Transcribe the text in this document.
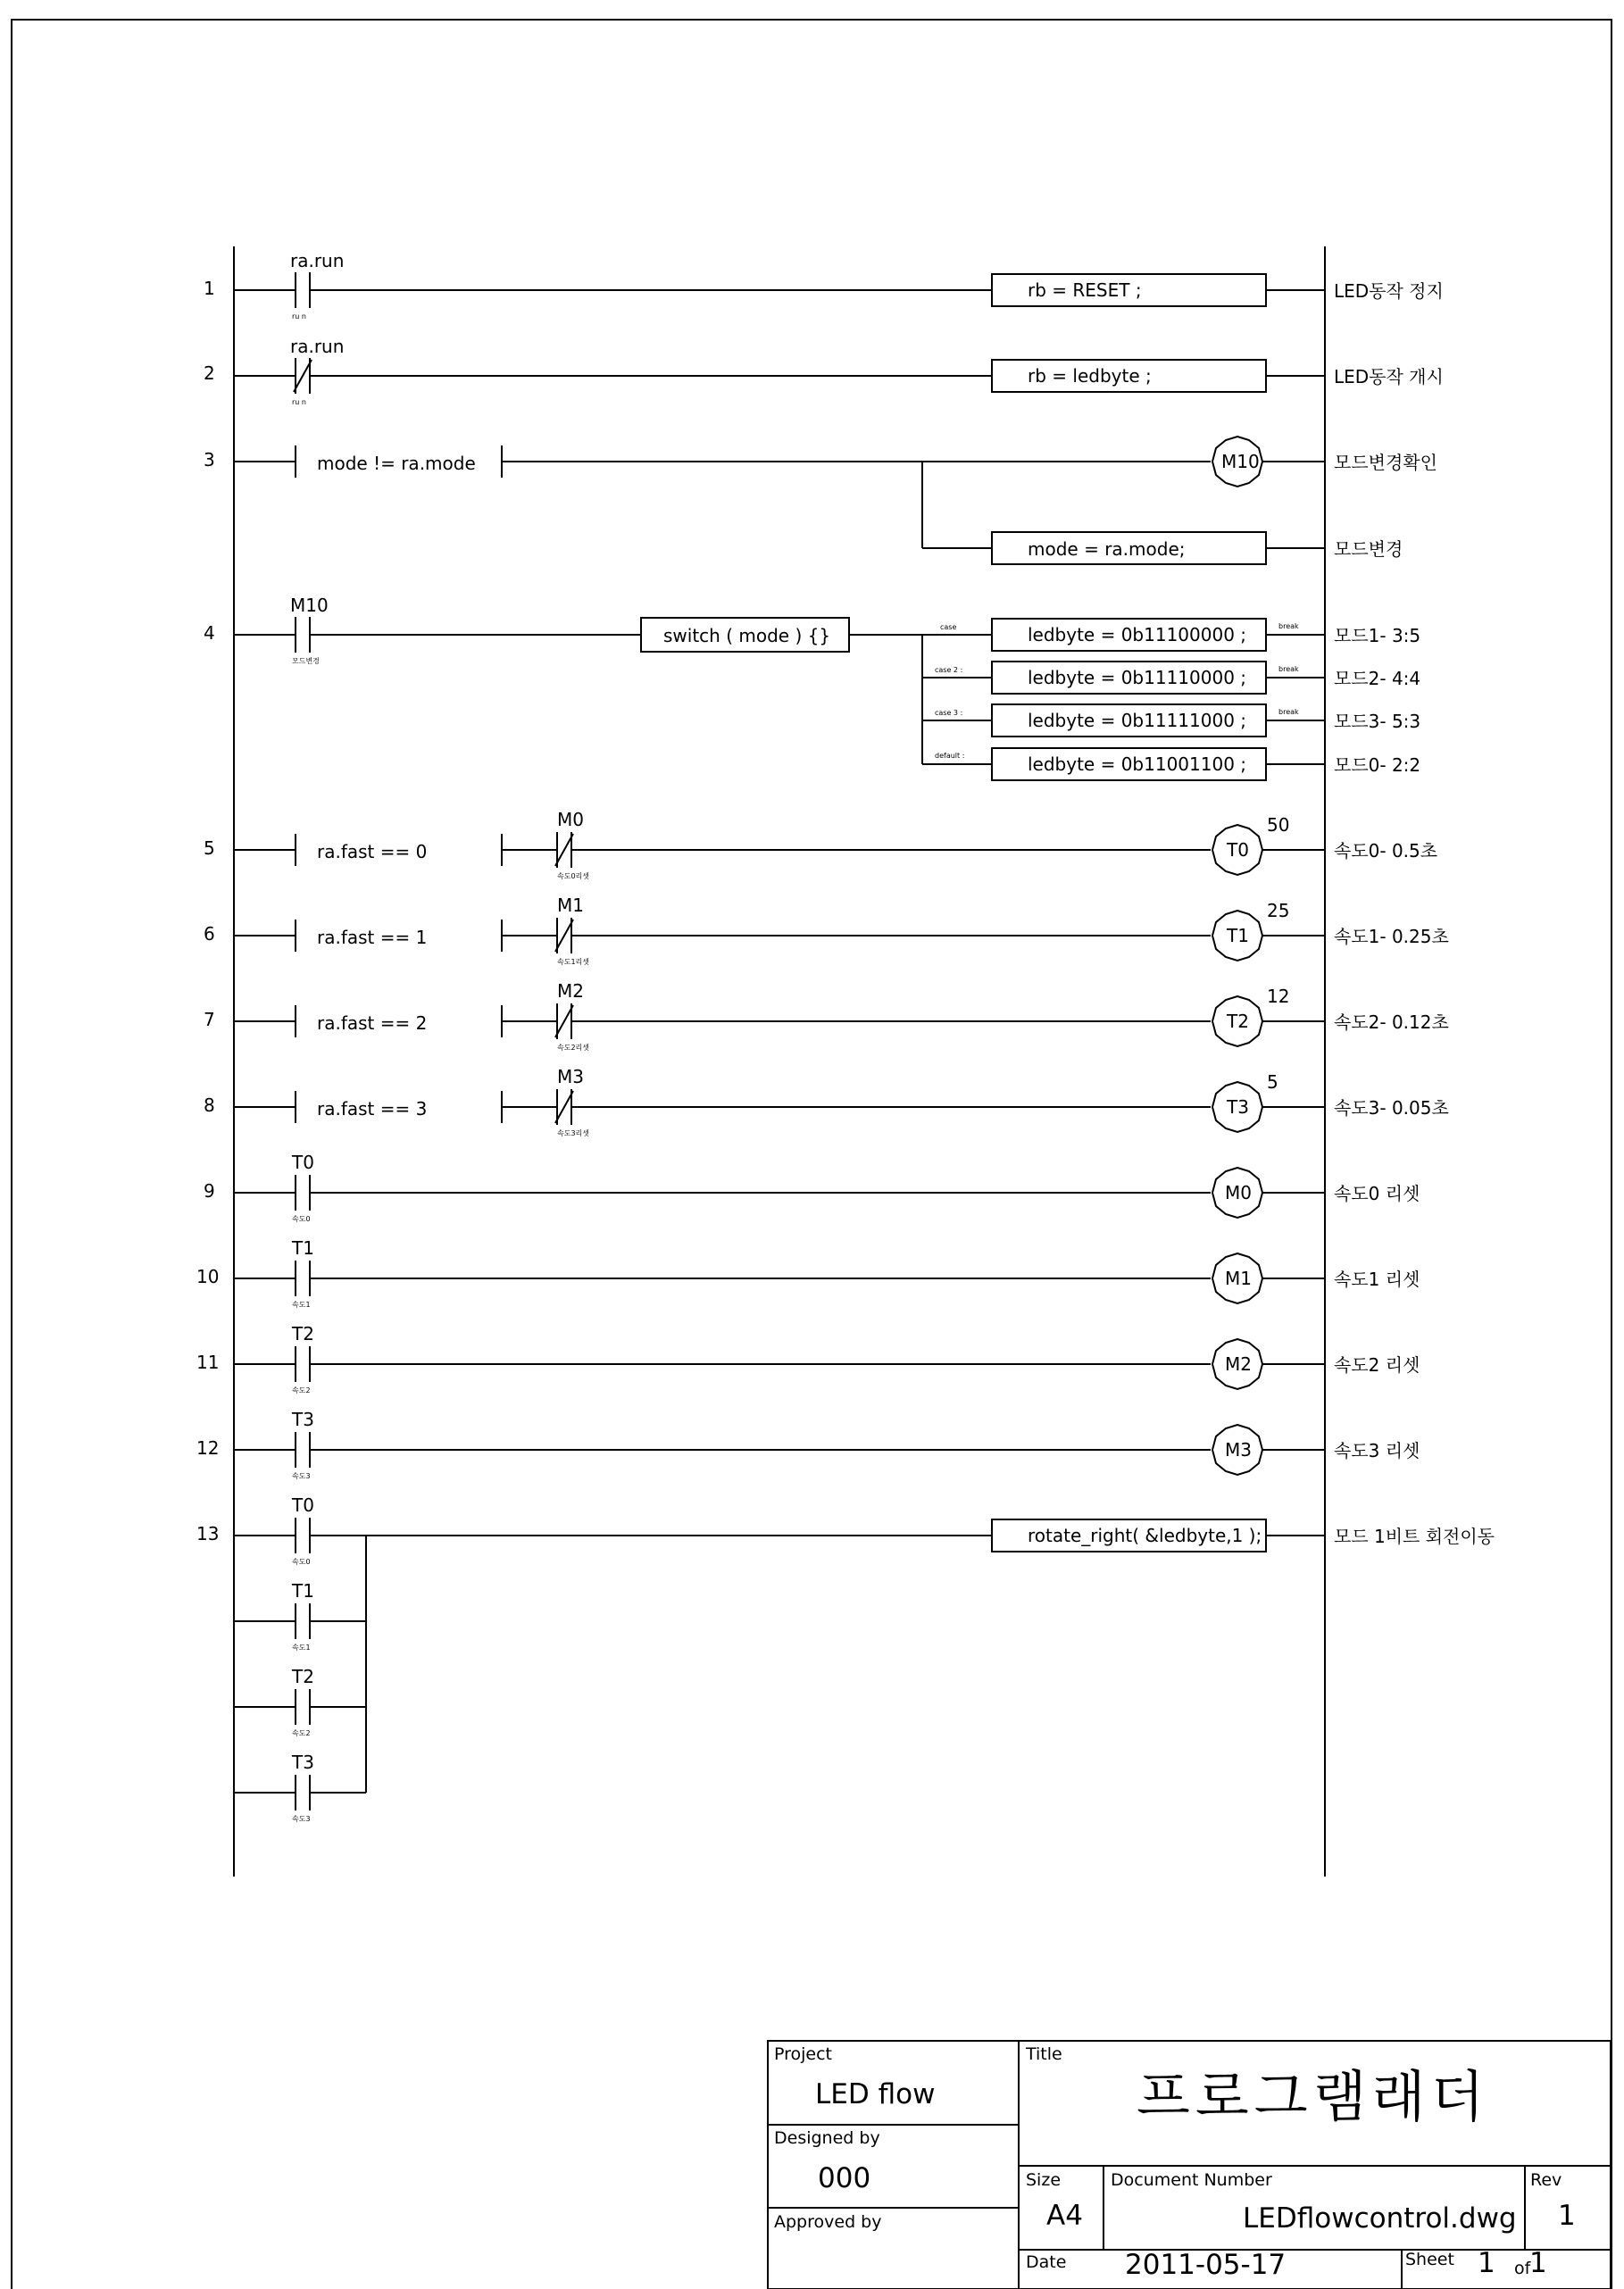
1
ra.run
ru n
rb = RESET ;	LED동작 정지
2
ra.run
ru n
rb = ledbyte ;	LED동작 개시
3	mode != ra.mode	M10	모드변경확인
mode = ra.mode;	모드변경
4
M10
모드변경
switch ( mode ) {}	case	ledbyte = 0b11100000 ;	break 모드1- 3:5
case 2 :	ledbyte = 0b11110000 ;	break 모드2- 4:4
case 3 :	ledbyte = 0b11111000 ;	break 모드3- 5:3
default :	ledbyte = 0b11001100 ;	모드0- 2:2
5	ra.fast == 0
M0
속도0리셋
T0
50
속도0- 0.5초
6	ra.fast == 1
M1
속도1리셋
T1
25
속도1- 0.25초
7	ra.fast == 2
M2
속도2리셋
T2
12
속도2- 0.12초
8	ra.fast == 3
M3
속도3리셋
T3
5
속도3- 0.05초
9
T0
속도0
M0	속도0 리셋
10
T1
속도1
M1	속도1 리셋
11
T2
속도2
M2	속도2 리셋
12
T3
속도3
M3	속도3 리셋
13
T0
속도0
T1
속도1
T2
속도2
T3
속도3
rotate_right( &ledbyte,1 );	모드 1비트 회전이동
Project
LED flow
Designed by
000
Approved by
Title
프로그램래더
Size
A4
Document Number
LEDflowcontrol.dwg
Rev
1
Date 2011-05-17	Sheet 1 of
1
